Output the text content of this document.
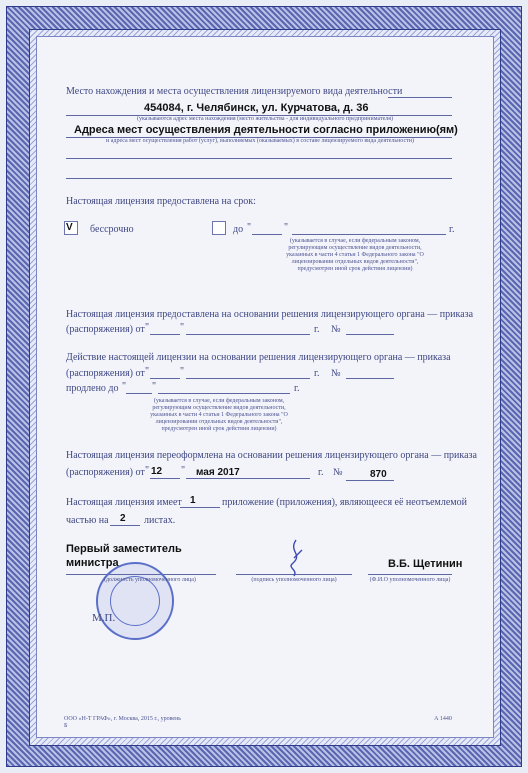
Место нахождения и места осуществления лицензируемого вида деятельности
454084, г. Челябинск, ул. Курчатова, д. 36
(указываются адрес места нахождения (место жительства - для индивидуального предпринимателя)
Адреса мест осуществления деятельности согласно приложению(ям)
и адреса мест осуществления работ (услуг), выполняемых (оказываемых) в составе лицензируемого вида деятельности)
Настоящая лицензия предоставлена на срок:
V бессрочно	до "	"	г.
(указывается в случае, если федеральным законом, регулирующим осуществление видов деятельности, указанных в части 4 статьи 1 Федерального закона "О лицензировании отдельных видов деятельности", предусмотрен иной срок действия лицензии)
Настоящая лицензия предоставлена на основании решения лицензирующего органа — приказа
(распоряжения) от "	"	г. №
Действие настоящей лицензии на основании решения лицензирующего органа — приказа
(распоряжения) от "	"	г. №
продлено до "	"	г.
(указывается в случае, если федеральным законом, регулирующим осуществление видов деятельности, указанных в части 4 статьи 1 Федерального закона "О лицензировании отдельных видов деятельности", предусмотрен иной срок действия лицензии)
Настоящая лицензия переоформлена на основании решения лицензирующего органа — приказа
(распоряжения) от " 12 " мая 2017	г. №	870
Настоящая лицензия имеет 1	приложение (приложения), являющееся её неотъемлемой
частью на 2 листах.
Первый заместитель
министра	В.Б. Щетинин
(должность уполномоченного лица)	(подпись уполномоченного лица)	(Ф.И.О уполномоченного лица)
М.П.
ООО «Н-Т ГРАФ», г. Москва, 2015 г., уровень Б
А 1440
